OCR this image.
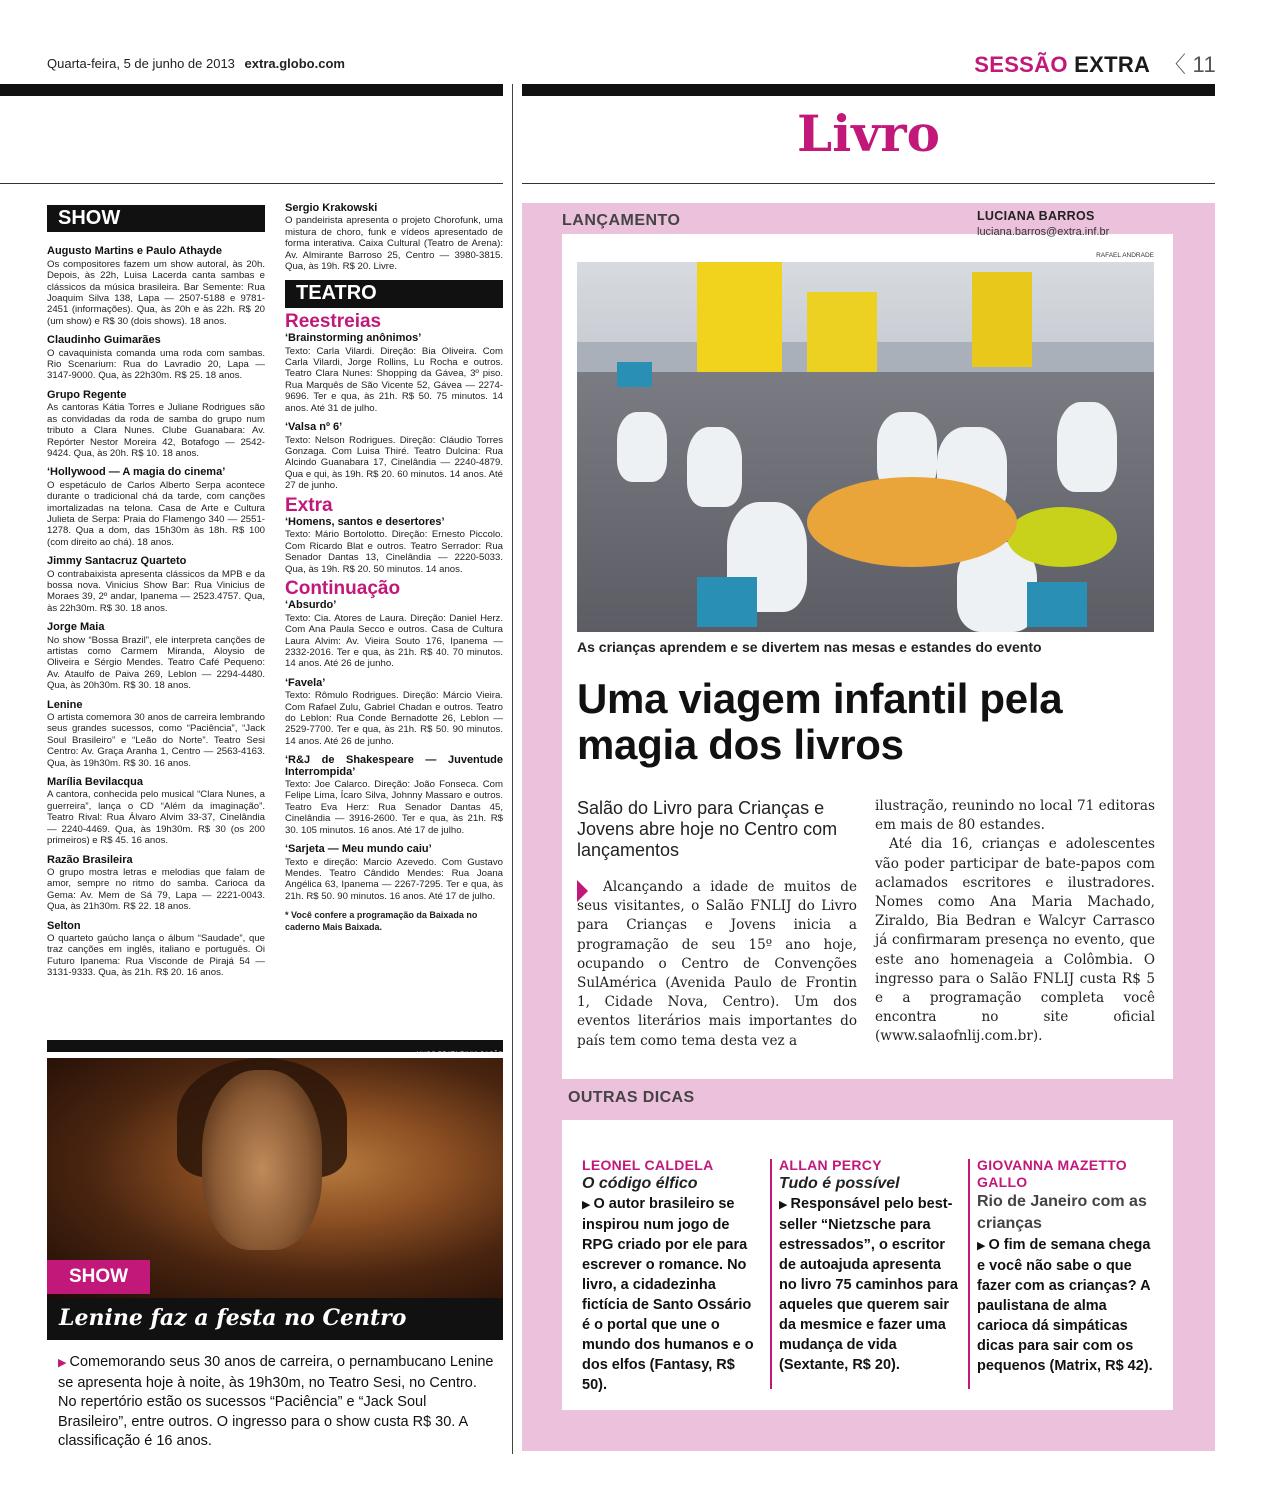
Quarta-feira, 5 de junho de 2013 extra.globo.com	SESSÃO EXTRA 〈 11
Livro
SHOW
Augusto Martins e Paulo Athayde
Os compositores fazem um show autoral, às 20h. Depois, às 22h, Luisa Lacerda canta sambas e clássicos da música brasileira. Bar Semente: Rua Joaquim Silva 138, Lapa — 2507-5188 e 9781-2451 (informações). Qua, às 20h e às 22h. R$ 20 (um show) e R$ 30 (dois shows). 18 anos.
Claudinho Guimarães
O cavaquinista comanda uma roda com sambas. Rio Scenarium: Rua do Lavradio 20, Lapa — 3147-9000. Qua, às 22h30m. R$ 25. 18 anos.
Grupo Regente
As cantoras Kátia Torres e Juliane Rodrigues são as convidadas da roda de samba do grupo num tributo a Clara Nunes. Clube Guanabara: Av. Repórter Nestor Moreira 42, Botafogo — 2542-9424. Qua, às 20h. R$ 10. 18 anos.
‘Hollywood — A magia do cinema’
O espetáculo de Carlos Alberto Serpa acontece durante o tradicional chá da tarde, com canções imortalizadas na telona. Casa de Arte e Cultura Julieta de Serpa: Praia do Flamengo 340 — 2551-1278. Qua a dom, das 15h30m às 18h. R$ 100 (com direito ao chá). 18 anos.
Jimmy Santacruz Quarteto
O contrabaixista apresenta clássicos da MPB e da bossa nova. Vinicius Show Bar: Rua Vinicius de Moraes 39, 2º andar, Ipanema — 2523.4757. Qua, às 22h30m. R$ 30. 18 anos.
Jorge Maia
No show “Bossa Brazil”, ele interpreta canções de artistas como Carmem Miranda, Aloysio de Oliveira e Sérgio Mendes. Teatro Café Pequeno: Av. Ataulfo de Paiva 269, Leblon — 2294-4480. Qua, às 20h30m. R$ 30. 18 anos.
Lenine
O artista comemora 30 anos de carreira lembrando seus grandes sucessos, como “Paciência”, “Jack Soul Brasileiro” e “Leão do Norte”. Teatro Sesi Centro: Av. Graça Aranha 1, Centro — 2563-4163. Qua, às 19h30m. R$ 30. 16 anos.
Marília Bevilacqua
A cantora, conhecida pelo musical “Clara Nunes, a guerreira”, lança o CD “Além da imaginação”. Teatro Rival: Rua Álvaro Alvim 33-37, Cinelândia — 2240-4469. Qua, às 19h30m. R$ 30 (os 200 primeiros) e R$ 45. 16 anos.
Razão Brasileira
O grupo mostra letras e melodias que falam de amor, sempre no ritmo do samba. Carioca da Gema: Av. Mem de Sá 79, Lapa — 2221-0043. Qua, às 21h30m. R$ 22. 18 anos.
Selton
O quarteto gaúcho lança o álbum “Saudade”, que traz canções em inglês, italiano e português. Oi Futuro Ipanema: Rua Visconde de Pirajá 54 — 3131-9333. Qua, às 21h. R$ 20. 16 anos.
Sergio Krakowski
O pandeirista apresenta o projeto Chorofunk, uma mistura de choro, funk e vídeos apresentado de forma interativa. Caixa Cultural (Teatro de Arena): Av. Almirante Barroso 25, Centro — 3980-3815. Qua, às 19h. R$ 20. Livre.
TEATRO
Reestreias
‘Brainstorming anônimos’
Texto: Carla Vilardi. Direção: Bia Oliveira. Com Carla Vilardi, Jorge Rollins, Lu Rocha e outros. Teatro Clara Nunes: Shopping da Gávea, 3º piso. Rua Marquês de São Vicente 52, Gávea — 2274-9696. Ter e qua, às 21h. R$ 50. 75 minutos. 14 anos. Até 31 de julho.
‘Valsa nº 6’
Texto: Nelson Rodrigues. Direção: Cláudio Torres Gonzaga. Com Luisa Thiré. Teatro Dulcina: Rua Alcindo Guanabara 17, Cinelândia — 2240-4879. Qua e qui, às 19h. R$ 20. 60 minutos. 14 anos. Até 27 de junho.
Extra
‘Homens, santos e desertores’
Texto: Mário Bortolotto. Direção: Ernesto Piccolo. Com Ricardo Blat e outros. Teatro Serrador: Rua Senador Dantas 13, Cinelândia — 2220-5033. Qua, às 19h. R$ 20. 50 minutos. 14 anos.
Continuação
‘Absurdo’
Texto: Cia. Atores de Laura. Direção: Daniel Herz. Com Ana Paula Secco e outros. Casa de Cultura Laura Alvim: Av. Vieira Souto 176, Ipanema — 2332-2016. Ter e qua, às 21h. R$ 40. 70 minutos. 14 anos. Até 26 de junho.
‘Favela’
Texto: Rômulo Rodrigues. Direção: Márcio Vieira. Com Rafael Zulu, Gabriel Chadan e outros. Teatro do Leblon: Rua Conde Bernadotte 26, Leblon — 2529-7700. Ter e qua, às 21h. R$ 50. 90 minutos. 14 anos. Até 26 de junho.
‘R&J de Shakespeare — Juventude Interrompida’
Texto: Joe Calarco. Direção: João Fonseca. Com Felipe Lima, Ícaro Silva, Johnny Massaro e outros. Teatro Eva Herz: Rua Senador Dantas 45, Cinelândia — 3916-2600. Ter e qua, às 21h. R$ 30. 105 minutos. 16 anos. Até 17 de julho.
‘Sarjeta — Meu mundo caiu’
Texto e direção: Marcio Azevedo. Com Gustavo Mendes. Teatro Cândido Mendes: Rua Joana Angélica 63, Ipanema — 2267-7295. Ter e qua, às 21h. R$ 50. 90 minutos. 16 anos. Até 17 de julho.
* Você confere a programação da Baixada no caderno Mais Baixada.
HUGO PRATA/DIVULGAÇÃO
SHOW
Lenine faz a festa no Centro
▶ Comemorando seus 30 anos de carreira, o pernambucano Lenine se apresenta hoje à noite, às 19h30m, no Teatro Sesi, no Centro. No repertório estão os sucessos “Paciência” e “Jack Soul Brasileiro”, entre outros. O ingresso para o show custa R$ 30. A classificação é 16 anos.
LANÇAMENTO	LUCIANA BARROS
luciana.barros@extra.inf.br
RAFAEL ANDRADE
As crianças aprendem e se divertem nas mesas e estandes do evento
Uma viagem infantil pela magia dos livros
Salão do Livro para Crianças e Jovens abre hoje no Centro com lançamentos
Alcançando a idade de muitos de seus visitantes, o Salão FNLIJ do Livro para Crianças e Jovens inicia a programação de seu 15º ano hoje, ocupando o Centro de Convenções SulAmérica (Avenida Paulo de Frontin 1, Cidade Nova, Centro). Um dos eventos literários mais importantes do país tem como tema desta vez a
ilustração, reunindo no local 71 editoras em mais de 80 estandes.
Até dia 16, crianças e adolescentes vão poder participar de bate-papos com aclamados escritores e ilustradores. Nomes como Ana Maria Machado, Ziraldo, Bia Bedran e Walcyr Carrasco já confirmaram presença no evento, que este ano homenageia a Colômbia. O ingresso para o Salão FNLIJ custa R$ 5 e a programação completa você encontra no site oficial (www.salaofnlij.com.br).
OUTRAS DICAS
LEONEL CALDELA
O código élfico
▶ O autor brasileiro se inspirou num jogo de RPG criado por ele para escrever o romance. No livro, a cidadezinha fictícia de Santo Ossário é o portal que une o mundo dos humanos e o dos elfos (Fantasy, R$ 50).
ALLAN PERCY
Tudo é possível
▶ Responsável pelo best-seller “Nietzsche para estressados”, o escritor de autoajuda apresenta no livro 75 caminhos para aqueles que querem sair da mesmice e fazer uma mudança de vida (Sextante, R$ 20).
GIOVANNA MAZETTO GALLO
Rio de Janeiro com as crianças
▶ O fim de semana chega e você não sabe o que fazer com as crianças? A paulistana de alma carioca dá simpáticas dicas para sair com os pequenos (Matrix, R$ 42).
